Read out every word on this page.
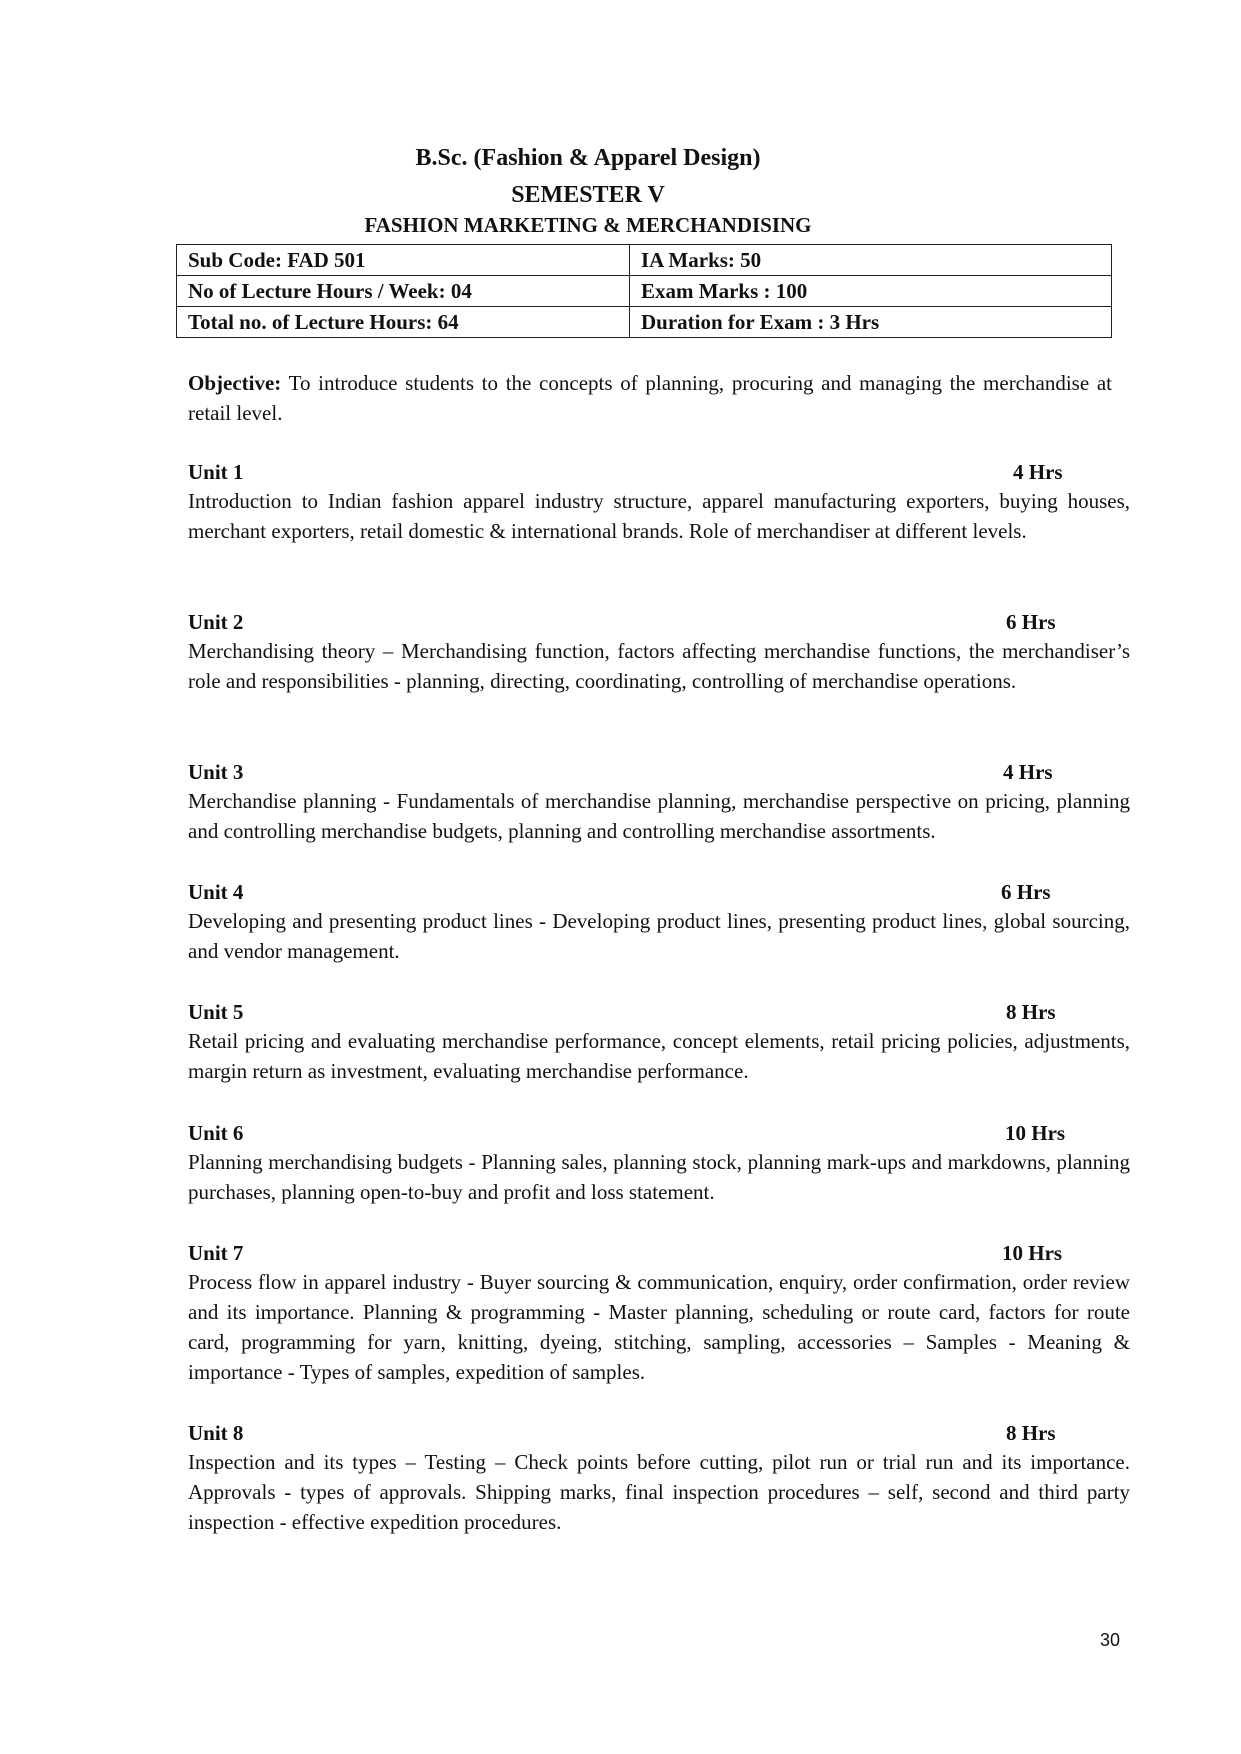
B.Sc. (Fashion & Apparel Design)
SEMESTER V
FASHION MARKETING & MERCHANDISING
Sub Code: FAD 501	IA Marks: 50
No of Lecture Hours / Week: 04	Exam Marks : 100
Total no. of Lecture Hours: 64	Duration for Exam : 3 Hrs

Objective: To introduce students to the concepts of planning, procuring and managing the merchandise at retail level.

Unit 1	4 Hrs

Introduction to Indian fashion apparel industry structure, apparel manufacturing exporters, buying houses, merchant exporters, retail domestic & international brands. Role of merchandiser at different levels.

Unit 2	6 Hrs

Merchandising theory – Merchandising function, factors affecting merchandise functions, the merchandiser’s role and responsibilities - planning, directing, coordinating, controlling of merchandise operations.

Unit 3	4 Hrs

Merchandise planning - Fundamentals of merchandise planning, merchandise perspective on pricing, planning and controlling merchandise budgets, planning and controlling merchandise assortments.

Unit 4	6 Hrs

Developing and presenting product lines - Developing product lines, presenting product lines, global sourcing, and vendor management.

Unit 5	8 Hrs

Retail pricing and evaluating merchandise performance, concept elements, retail pricing policies, adjustments, margin return as investment, evaluating merchandise performance.

Unit 6	10 Hrs

Planning merchandising budgets - Planning sales, planning stock, planning mark-ups and markdowns, planning purchases, planning open-to-buy and profit and loss statement.

Unit 7	10 Hrs

Process flow in apparel industry - Buyer sourcing & communication, enquiry, order confirmation, order review and its importance. Planning & programming - Master planning, scheduling or route card, factors for route card, programming for yarn, knitting, dyeing, stitching, sampling, accessories – Samples - Meaning & importance - Types of samples, expedition of samples.

Unit 8	8 Hrs

Inspection and its types – Testing – Check points before cutting, pilot run or trial run and its importance. Approvals - types of approvals. Shipping marks, final inspection procedures – self, second and third party inspection - effective expedition procedures.

30
